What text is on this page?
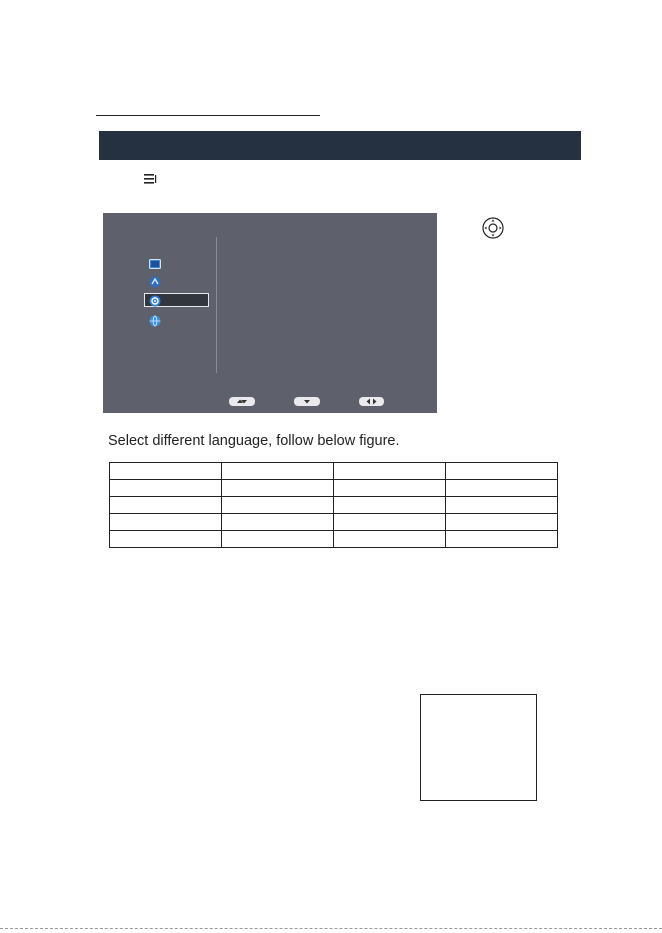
Select different language, follow below figure.
